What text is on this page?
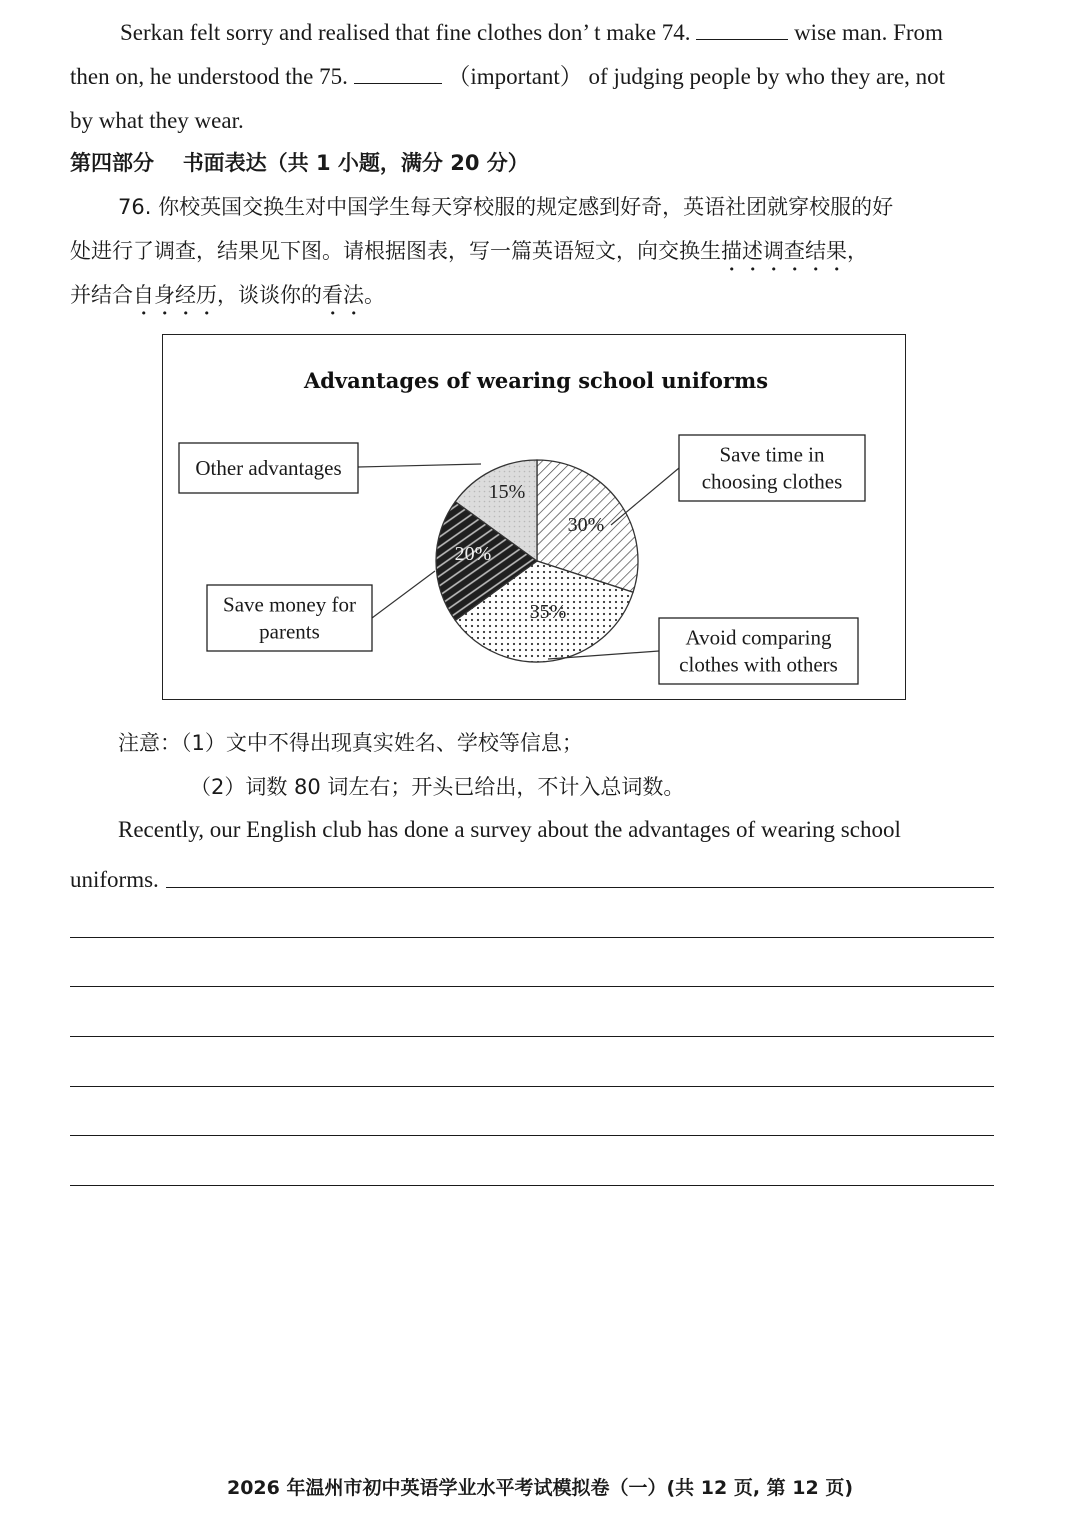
Serkan felt sorry and realised that fine clothes don’ t make 74.	wise man. From
then on, he understood the 75.	（important） of judging people by who they are, not
by what they wear.
第四部分 书面表达（共 1 小题，满分 20 分）
76. 你校英国交换生对中国学生每天穿校服的规定感到好奇，英语社团就穿校服的好
处进行了调查，结果见下图。请根据图表，写一篇英语短文，向交换生描述调查结果，
并结合自身经历，谈谈你的看法。
Advantages of wearing school uniforms
30%
35%
20%
15%
Other advantages
Save time in
choosing clothes
Save money for
parents	Avoid comparing
clothes with others
注意：（1）文中不得出现真实姓名、学校等信息；
（2）词数 80 词左右；开头已给出，不计入总词数。
Recently, our English club has done a survey about the advantages of wearing school
uniforms.
2026 年温州市初中英语学业水平考试模拟卷（一）(共 12 页, 第 12 页)
